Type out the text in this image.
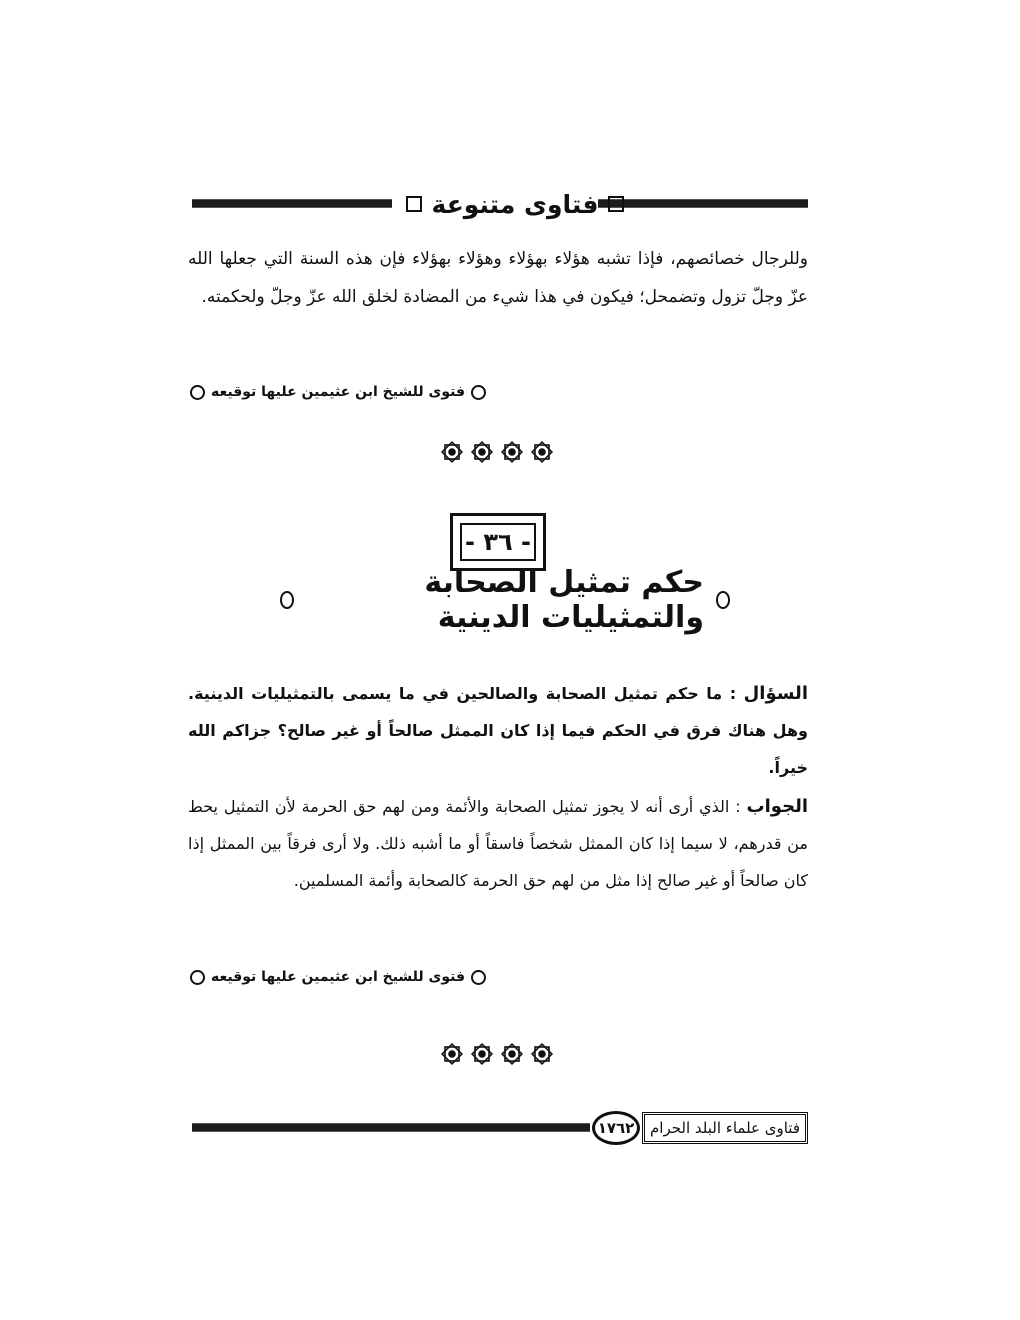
فتاوى متنوعة
وللرجال خصائصهم، فإذا تشبه هؤلاء بهؤلاء وهؤلاء بهؤلاء فإن هذه السنة التي جعلها الله عزّ وجلّ تزول وتضمحل؛ فيكون في هذا شيء من المضادة لخلق الله عزّ وجلّ ولحكمته.
فتوى للشيخ ابن عثيمين عليها توقيعه
- ٣٦ -
حكم تمثيل الصحابة والتمثيليات الدينية
السؤال : ما حكم تمثيل الصحابة والصالحين في ما يسمى بالتمثيليات الدينية. وهل هناك فرق في الحكم فيما إذا كان الممثل صالحاً أو غير صالح؟ جزاكم الله خيراً.
الجواب : الذي أرى أنه لا يجوز تمثيل الصحابة والأئمة ومن لهم حق الحرمة لأن التمثيل يحط من قدرهم، لا سيما إذا كان الممثل شخصاً فاسقاً أو ما أشبه ذلك. ولا أرى فرقاً بين الممثل إذا كان صالحاً أو غير صالح إذا مثل من لهم حق الحرمة كالصحابة وأئمة المسلمين.
فتوى للشيخ ابن عثيمين عليها توقيعه
١٧٦٢	فتاوى علماء البلد الحرام
